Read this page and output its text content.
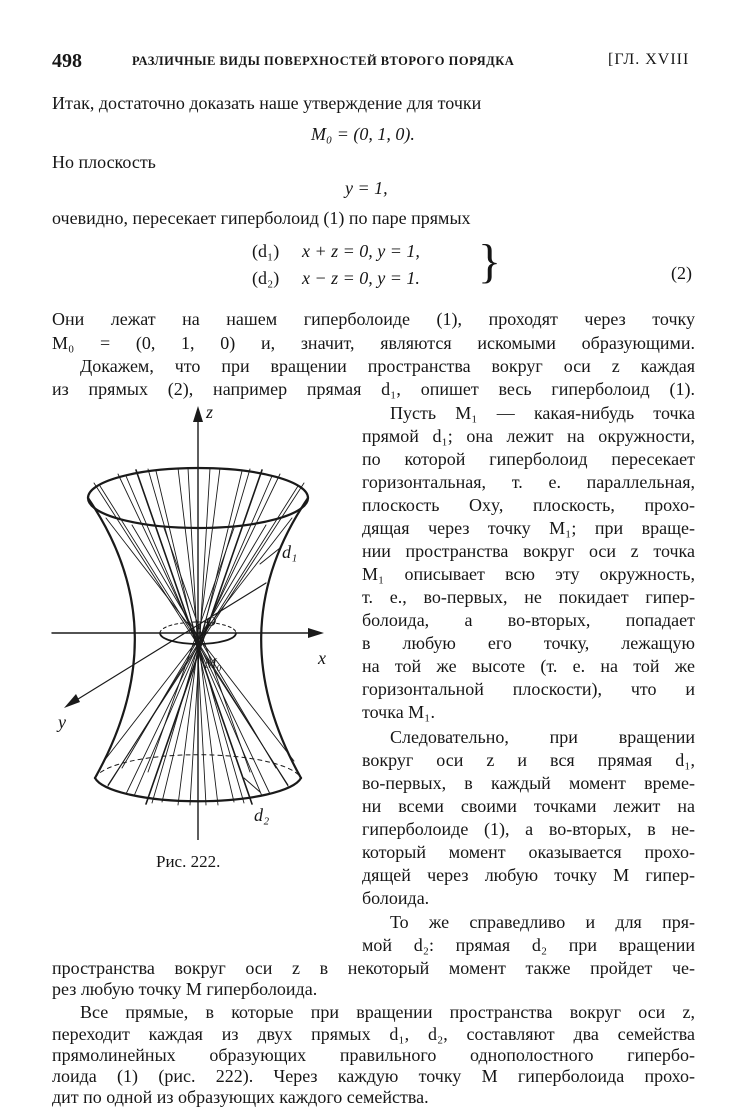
498	РАЗЛИЧНЫЕ ВИДЫ ПОВЕРХНОСТЕЙ ВТОРОГО ПОРЯДКА	[ГЛ. XVIII
Итак, достаточно доказать наше утверждение для точки
M₀ = (0, 1, 0).
Но плоскость
y = 1,
очевидно, пересекает гиперболоид (1) по паре прямых
(d₁) x + z = 0, y = 1,
(d₂) x − z = 0, y = 1. }	(2)
Они лежат на нашем гиперболоиде (1), проходят через точку
M₀ = (0, 1, 0) и, значит, являются искомыми образующими.
Докажем, что при вращении пространства вокруг оси z каждая
из прямых (2), например прямая d₁, опишет весь гиперболоид (1).
z
x
y
d₁
d₂
O
M₀
Рис. 222.
Пусть M₁ — какая-нибудь точка
прямой d₁; она лежит на окружности,
по которой гиперболоид пересекает
горизонтальная, т. е. параллельная,
плоскость Oxy, плоскость, прохо-
дящая через точку M₁; при враще-
нии пространства вокруг оси z точка
M₁ описывает всю эту окружность,
т. е., во-первых, не покидает гипер-
болоида, а во-вторых, попадает
в любую его точку, лежащую
на той же высоте (т. е. на той же
горизонтальной плоскости), что и
точка M₁.
Следовательно, при вращении
вокруг оси z и вся прямая d₁,
во-первых, в каждый момент време-
ни всеми своими точками лежит на
гиперболоиде (1), а во-вторых, в не-
который момент оказывается прохо-
дящей через любую точку M гипер-
болоида.
То же справедливо и для пря-
мой d₂: прямая d₂ при вращении
пространства вокруг оси z в некоторый момент также пройдет че-
рез любую точку M гиперболоида.
Все прямые, в которые при вращении пространства вокруг оси z,
переходит каждая из двух прямых d₁, d₂, составляют два семейства
прямолинейных образующих правильного однополостного гипербо-
лоида (1) (рис. 222). Через каждую точку M гиперболоида прохо-
дит по одной из образующих каждого семейства.
